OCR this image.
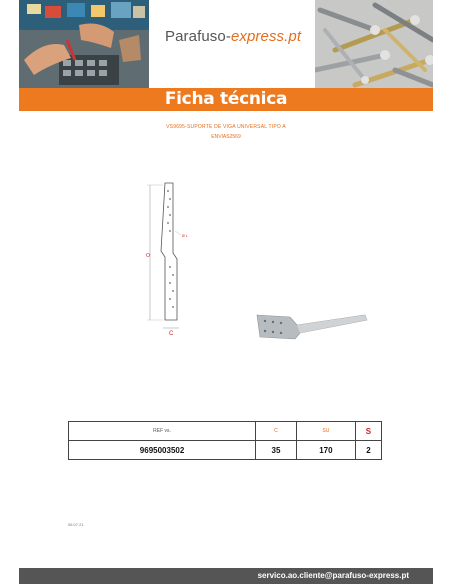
Parafuso-express.pt
Ficha técnica
VS9695-SUPORTE DE VIGA UNIVERSAL TIPO A
ENVIAS2569
O
C
Ø L
REF vs.	C	SU	S
9695003502	35	170	2
06.07.21
servico.ao.cliente@parafuso-express.pt
